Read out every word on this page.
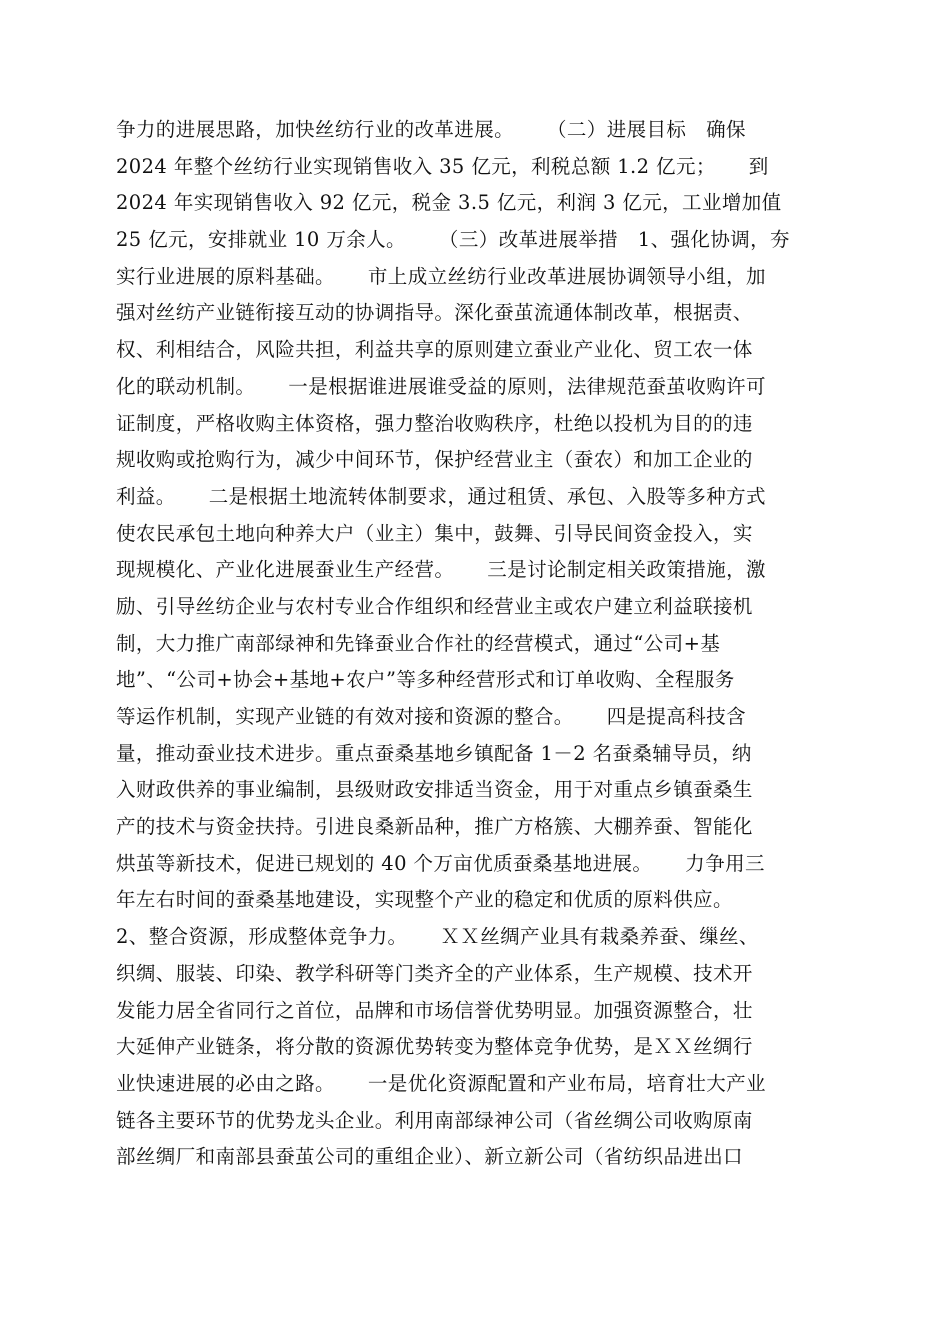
争力的进展思路，加快丝纺行业的改革进展。     （二）进展目标   确保
2024 年整个丝纺行业实现销售收入 35 亿元，利税总额 1.2 亿元；     到
2024 年实现销售收入 92 亿元，税金 3.5 亿元，利润 3 亿元，工业增加值
25 亿元，安排就业 10 万余人。     （三）改革进展举措   1、强化协调，夯
实行业进展的原料基础。     市上成立丝纺行业改革进展协调领导小组，加
强对丝纺产业链衔接互动的协调指导。深化蚕茧流通体制改革，根据责、
权、利相结合，风险共担，利益共享的原则建立蚕业产业化、贸工农一体
化的联动机制。     一是根据谁进展谁受益的原则，法律规范蚕茧收购许可
证制度，严格收购主体资格，强力整治收购秩序，杜绝以投机为目的的违
规收购或抢购行为，减少中间环节，保护经营业主（蚕农）和加工企业的
利益。     二是根据土地流转体制要求，通过租赁、承包、入股等多种方式
使农民承包土地向种养大户（业主）集中，鼓舞、引导民间资金投入，实
现规模化、产业化进展蚕业生产经营。     三是讨论制定相关政策措施，激
励、引导丝纺企业与农村专业合作组织和经营业主或农户建立利益联接机
制，大力推广南部绿神和先锋蚕业合作社的经营模式，通过“公司+基
地”、“公司+协会+基地+农户”等多种经营形式和订单收购、全程服务
等运作机制，实现产业链的有效对接和资源的整合。     四是提高科技含
量，推动蚕业技术进步。重点蚕桑基地乡镇配备 1－2 名蚕桑辅导员，纳
入财政供养的事业编制，县级财政安排适当资金，用于对重点乡镇蚕桑生
产的技术与资金扶持。引进良桑新品种，推广方格簇、大棚养蚕、智能化
烘茧等新技术，促进已规划的 40 个万亩优质蚕桑基地进展。     力争用三
年左右时间的蚕桑基地建设，实现整个产业的稳定和优质的原料供应。
2、整合资源，形成整体竞争力。     ＸＸ丝绸产业具有栽桑养蚕、缫丝、
织绸、服装、印染、教学科研等门类齐全的产业体系，生产规模、技术开
发能力居全省同行之首位，品牌和市场信誉优势明显。加强资源整合，壮
大延伸产业链条，将分散的资源优势转变为整体竞争优势，是ＸＸ丝绸行
业快速进展的必由之路。     一是优化资源配置和产业布局，培育壮大产业
链各主要环节的优势龙头企业。利用南部绿神公司（省丝绸公司收购原南
部丝绸厂和南部县蚕茧公司的重组企业）、新立新公司（省纺织品进出口
